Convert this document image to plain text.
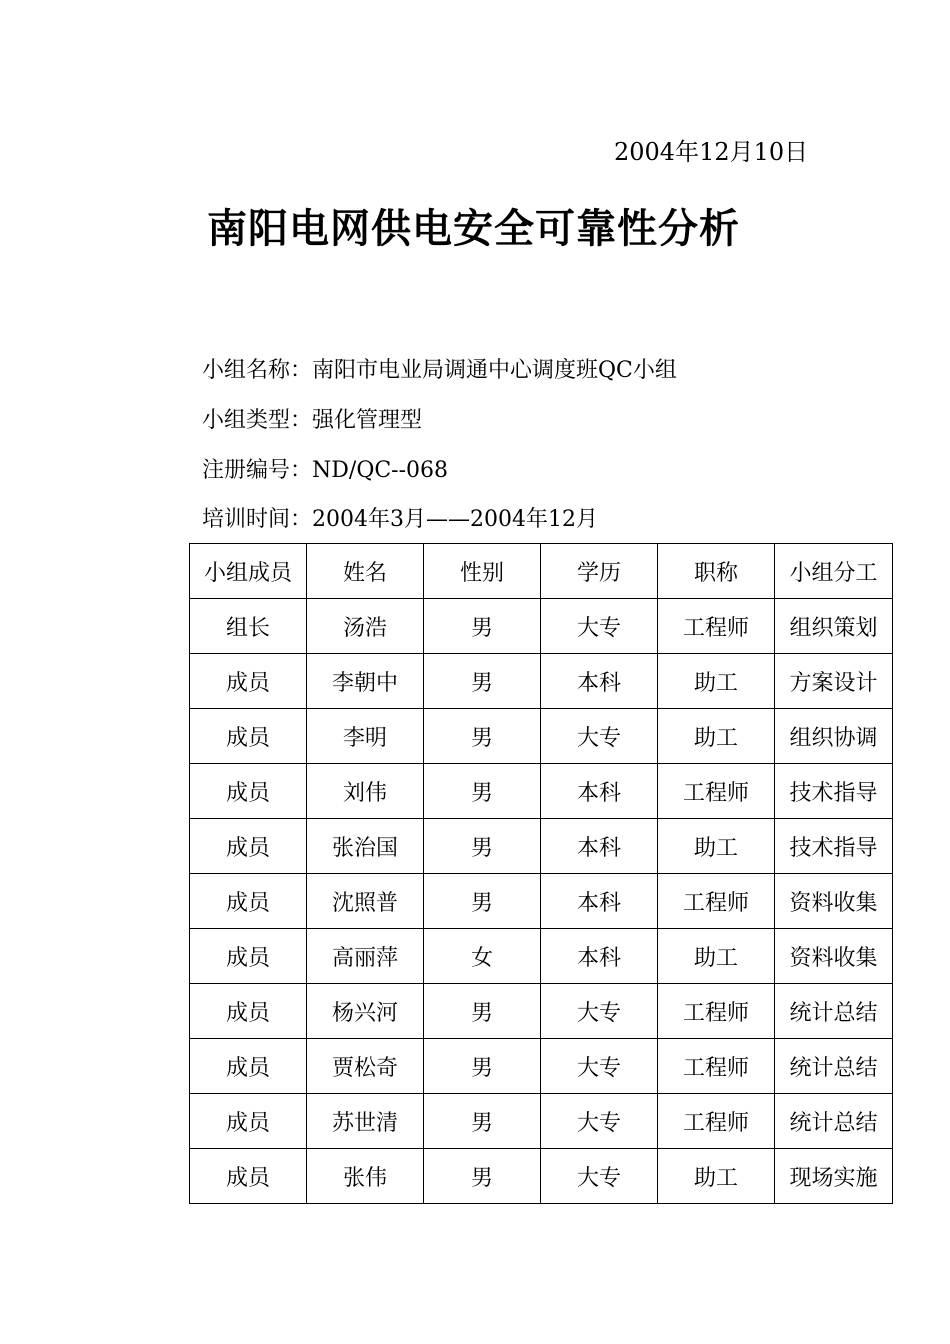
2004年12月10日
南阳电网供电安全可靠性分析
小组名称：南阳市电业局调通中心调度班QC小组
小组类型：强化管理型
注册编号：ND/QC--068
培训时间：2004年3月——2004年12月
小组成员	姓名	性别	学历	职称	小组分工
组长	汤浩	男	大专	工程师	组织策划
成员	李朝中	男	本科	助工	方案设计
成员	李明	男	大专	助工	组织协调
成员	刘伟	男	本科	工程师	技术指导
成员	张治国	男	本科	助工	技术指导
成员	沈照普	男	本科	工程师	资料收集
成员	高丽萍	女	本科	助工	资料收集
成员	杨兴河	男	大专	工程师	统计总结
成员	贾松奇	男	大专	工程师	统计总结
成员	苏世清	男	大专	工程师	统计总结
成员	张伟	男	大专	助工	现场实施
